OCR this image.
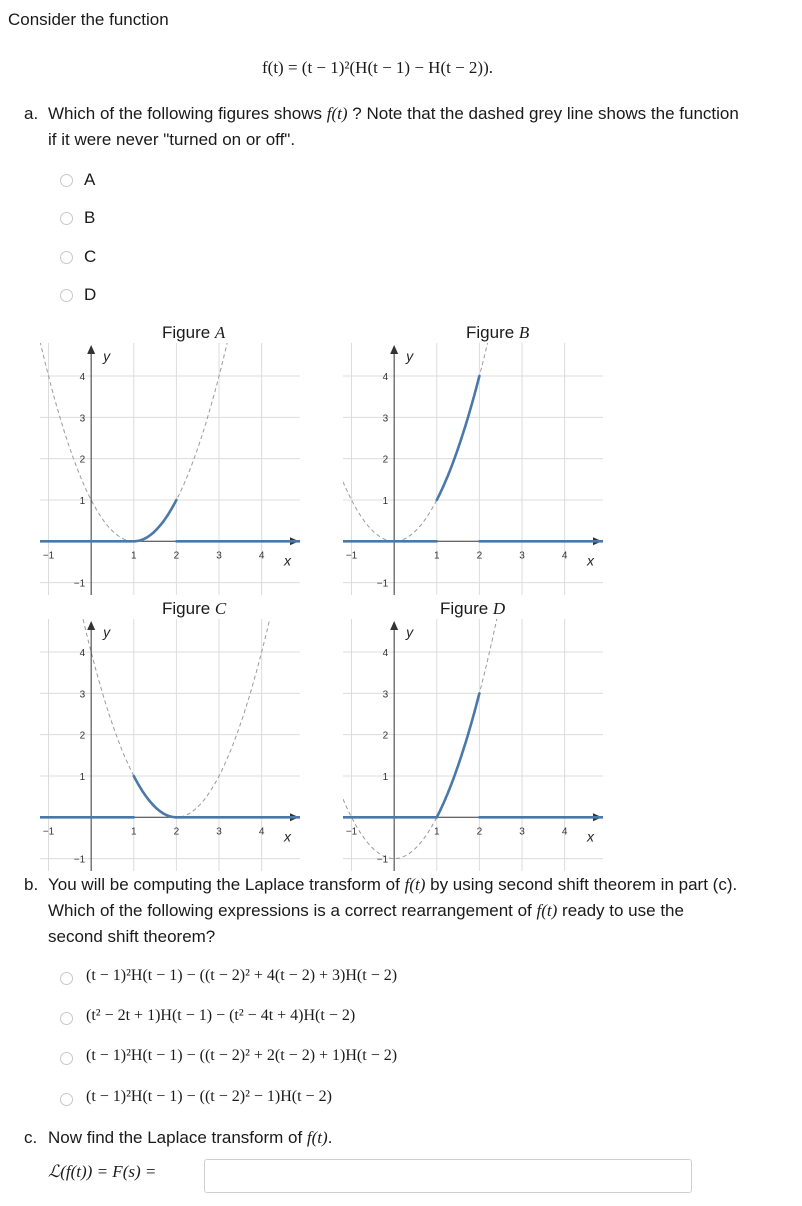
Consider the function
f(t) = (t − 1)²(H(t − 1) − H(t − 2)).
a. Which of the following figures shows f(t) ? Note that the dashed grey line shows the function
if it were never "turned on or off".
A
B
C
D
Figure A	Figure B
Figure C	Figure D
x
y
−1	1	2	3	4
−1
1
2
3
4
x
y
−1	1	2	3	4
−1
1
2
3
4
x
y
−1	1	2	3	4
−1
1
2
3
4
x
y
−1	1	2	3	4
−1
1
2
3
4
b. You will be computing the Laplace transform of f(t) by using second shift theorem in part (c).
Which of the following expressions is a correct rearrangement of f(t) ready to use the
second shift theorem?
(t − 1)²H(t − 1) − ((t − 2)² + 4(t − 2) + 3)H(t − 2)
(t² − 2t + 1)H(t − 1) − (t² − 4t + 4)H(t − 2)
(t − 1)²H(t − 1) − ((t − 2)² + 2(t − 2) + 1)H(t − 2)
(t − 1)²H(t − 1) − ((t − 2)² − 1)H(t − 2)
c. Now find the Laplace transform of f(t).
ℒ(f(t)) = F(s) =
